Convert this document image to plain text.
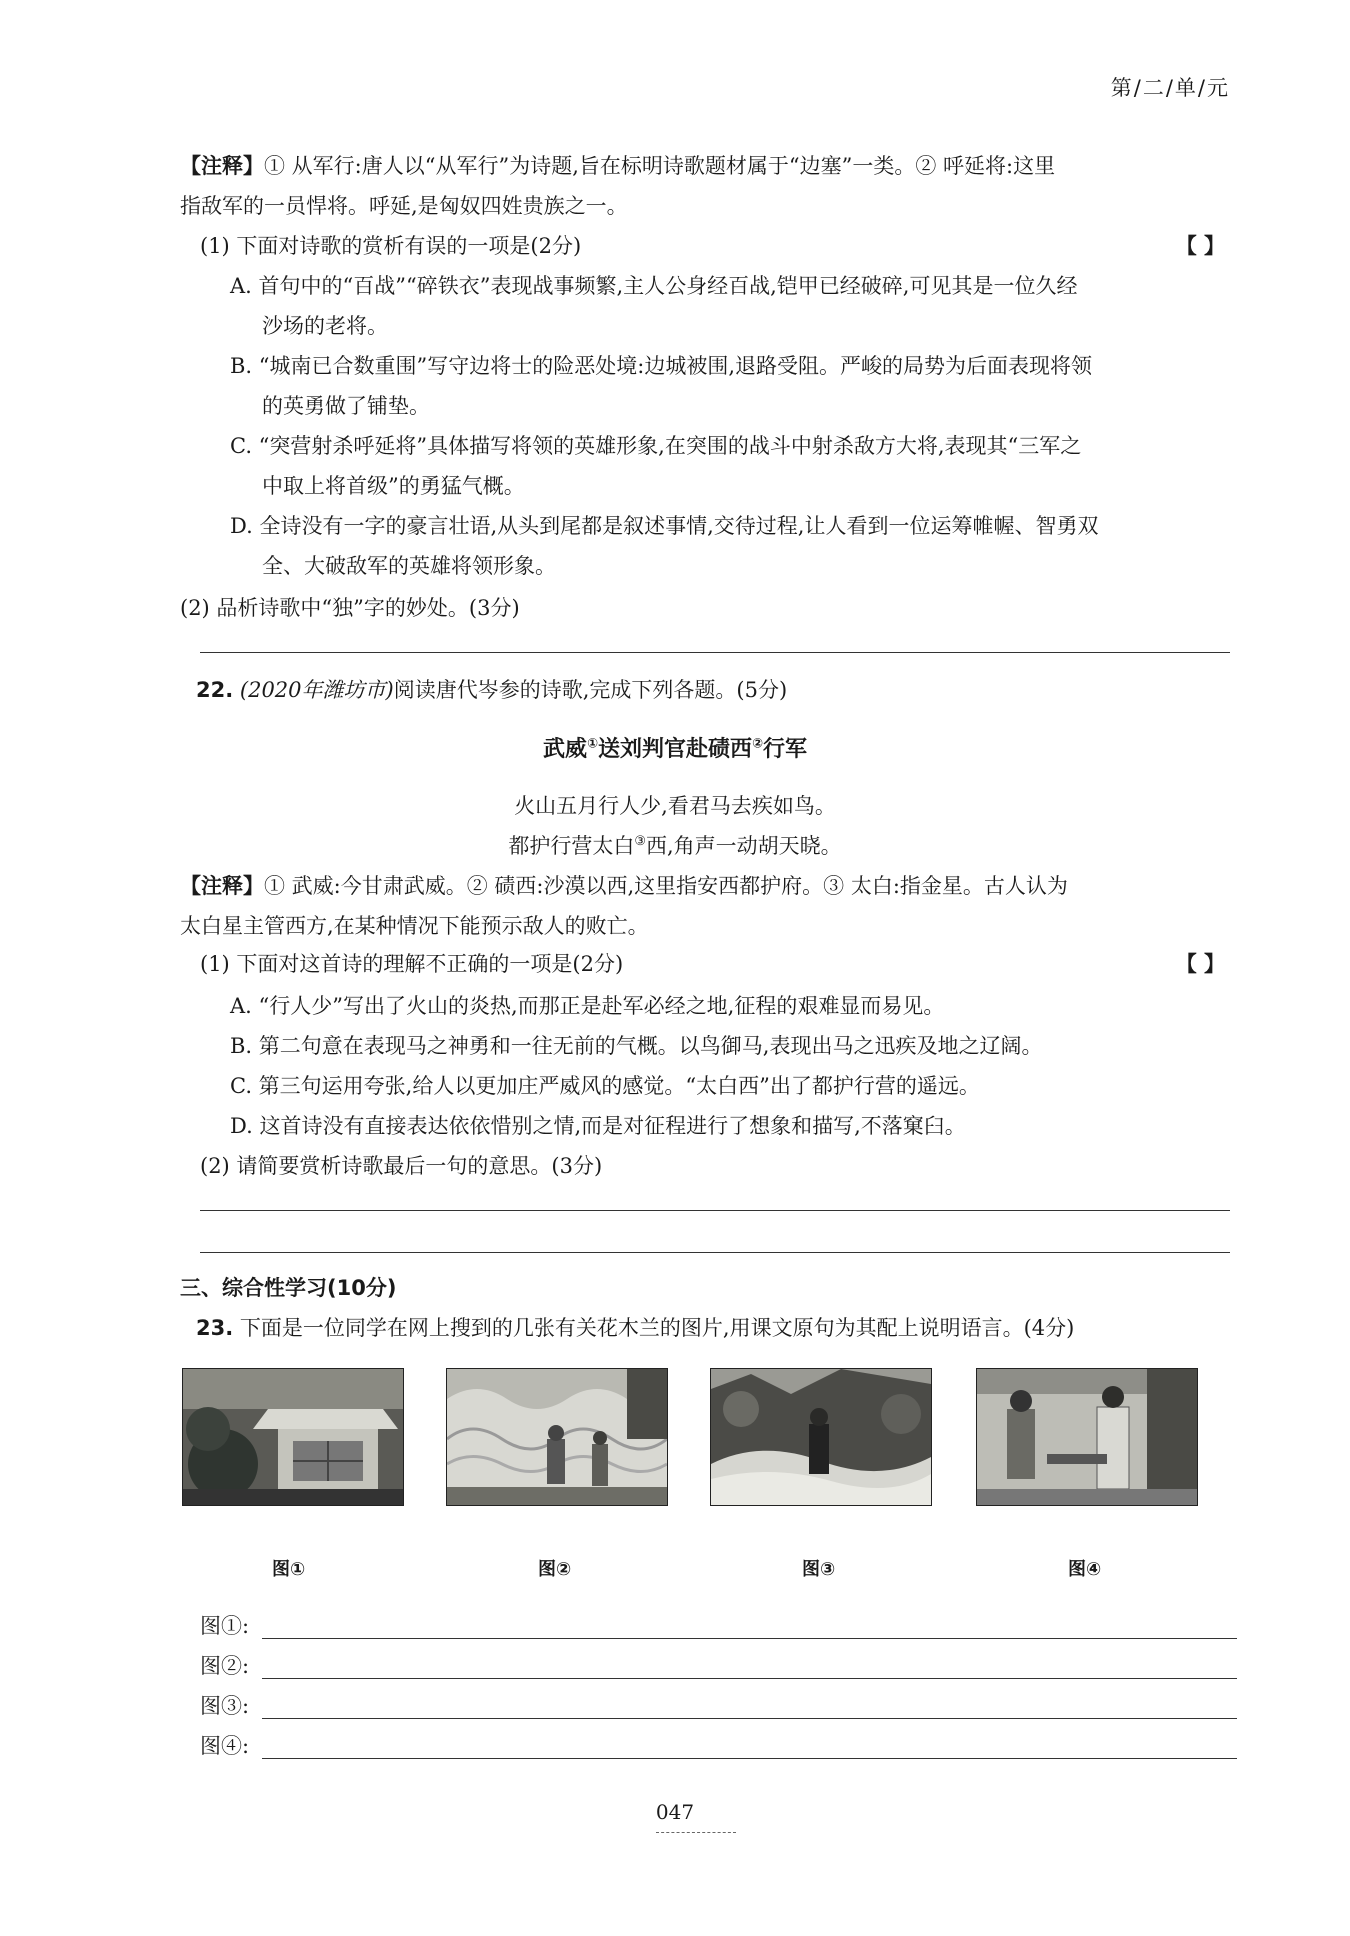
第/二/单/元
【注释】① 从军行:唐人以“从军行”为诗题,旨在标明诗歌题材属于“边塞”一类。② 呼延将:这里
指敌军的一员悍将。呼延,是匈奴四姓贵族之一。
(1) 下面对诗歌的赏析有误的一项是(2分)	【 】
A. 首句中的“百战”“碎铁衣”表现战事频繁,主人公身经百战,铠甲已经破碎,可见其是一位久经
沙场的老将。
B. “城南已合数重围”写守边将士的险恶处境:边城被围,退路受阻。严峻的局势为后面表现将领
的英勇做了铺垫。
C. “突营射杀呼延将”具体描写将领的英雄形象,在突围的战斗中射杀敌方大将,表现其“三军之
中取上将首级”的勇猛气概。
D. 全诗没有一字的豪言壮语,从头到尾都是叙述事情,交待过程,让人看到一位运筹帷幄、智勇双
全、大破敌军的英雄将领形象。
(2) 品析诗歌中“独”字的妙处。(3分)
22. (2020年潍坊市)阅读唐代岑参的诗歌,完成下列各题。(5分)
武威①送刘判官赴碛西②行军
火山五月行人少,看君马去疾如鸟。
都护行营太白③西,角声一动胡天晓。
【注释】① 武威:今甘肃武威。② 碛西:沙漠以西,这里指安西都护府。③ 太白:指金星。古人认为
太白星主管西方,在某种情况下能预示敌人的败亡。
(1) 下面对这首诗的理解不正确的一项是(2分)	【 】
A. “行人少”写出了火山的炎热,而那正是赴军必经之地,征程的艰难显而易见。
B. 第二句意在表现马之神勇和一往无前的气概。以鸟御马,表现出马之迅疾及地之辽阔。
C. 第三句运用夸张,给人以更加庄严威风的感觉。“太白西”出了都护行营的遥远。
D. 这首诗没有直接表达依依惜别之情,而是对征程进行了想象和描写,不落窠臼。
(2) 请简要赏析诗歌最后一句的意思。(3分)
三、综合性学习(10分)
23. 下面是一位同学在网上搜到的几张有关花木兰的图片,用课文原句为其配上说明语言。(4分)
图①	图②	图③	图④
图①:
图②:
图③:
图④:
047
